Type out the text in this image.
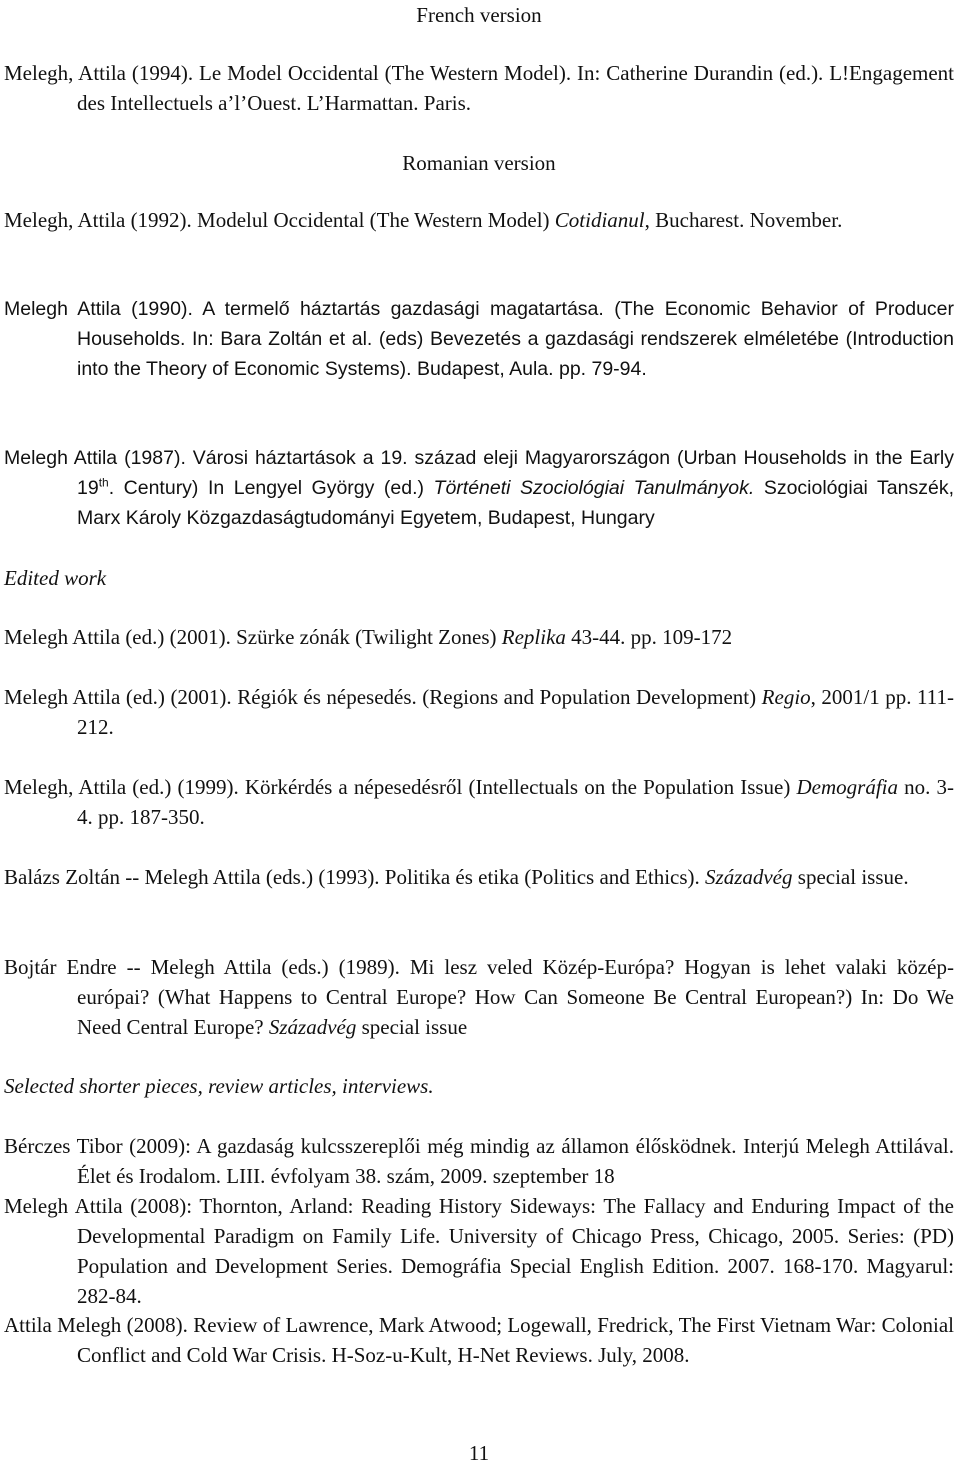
French version
Melegh, Attila (1994). Le Model Occidental (The Western Model). In: Catherine Durandin (ed.). L!Engagement des Intellectuels a’l’Ouest. L’Harmattan. Paris.
Romanian version
Melegh, Attila (1992). Modelul Occidental (The Western Model) Cotidianul, Bucharest. November.
Melegh Attila (1990). A termelő háztartás gazdasági magatartása. (The Economic Behavior of Producer Households. In: Bara Zoltán et al. (eds) Bevezetés a gazdasági rendszerek elméletébe (Introduction into the Theory of Economic Systems). Budapest, Aula. pp. 79-94.
Melegh Attila (1987). Városi háztartások a 19. század eleji Magyarországon (Urban Households in the Early 19th. Century) In Lengyel György (ed.) Történeti Szociológiai Tanulmányok. Szociológiai Tanszék, Marx Károly Közgazdaságtudományi Egyetem, Budapest, Hungary
Edited work
Melegh Attila (ed.) (2001). Szürke zónák (Twilight Zones) Replika 43-44. pp. 109-172
Melegh Attila (ed.) (2001). Régiók és népesedés. (Regions and Population Development) Regio, 2001/1 pp. 111-212.
Melegh, Attila (ed.) (1999). Körkérdés a népesedésről (Intellectuals on the Population Issue) Demográfia no. 3-4. pp. 187-350.
Balázs Zoltán -- Melegh Attila (eds.) (1993). Politika és etika (Politics and Ethics). Századvég special issue.
Bojtár Endre -- Melegh Attila (eds.) (1989). Mi lesz veled Közép-Európa? Hogyan is lehet valaki közép-európai? (What Happens to Central Europe? How Can Someone Be Central European?) In: Do We Need Central Europe? Századvég special issue
Selected shorter pieces, review articles, interviews.
Bérczes Tibor (2009): A gazdaság kulcsszereplői még mindig az államon élősködnek. Interjú Melegh Attilával. Élet és Irodalom. LIII. évfolyam 38. szám, 2009. szeptember 18
Melegh Attila (2008): Thornton, Arland: Reading History Sideways: The Fallacy and Enduring Impact of the Developmental Paradigm on Family Life. University of Chicago Press, Chicago, 2005. Series: (PD) Population and Development Series. Demográfia Special English Edition. 2007. 168-170. Magyarul: 282-84.
Attila Melegh (2008). Review of Lawrence, Mark Atwood; Logewall, Fredrick, The First Vietnam War: Colonial Conflict and Cold War Crisis. H-Soz-u-Kult, H-Net Reviews. July, 2008.
11
